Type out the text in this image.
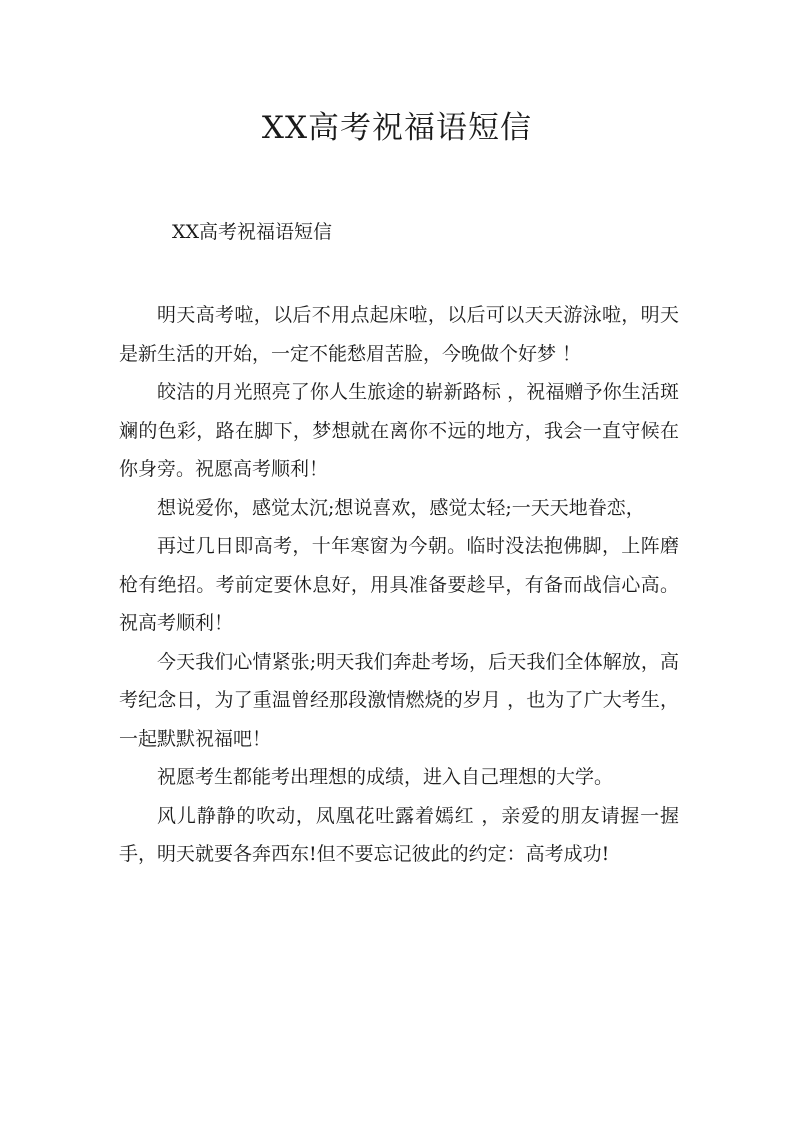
XX高考祝福语短信

XX高考祝福语短信

明天高考啦，以后不用点起床啦，以后可以天天游泳啦，明天是新生活的开始，一定不能愁眉苦脸，今晚做个好梦 ！

皎洁的月光照亮了你人生旅途的崭新路标 ，祝福赠予你生活斑斓的色彩，路在脚下，梦想就在离你不远的地方，我会一直守候在你身旁。祝愿高考顺利！

想说爱你，感觉太沉;想说喜欢，感觉太轻;一天天地眷恋，

再过几日即高考，十年寒窗为今朝。临时没法抱佛脚，上阵磨枪有绝招。考前定要休息好，用具准备要趁早，有备而战信心高。祝高考顺利！

今天我们心情紧张;明天我们奔赴考场，后天我们全体解放，高考纪念日，为了重温曾经那段激情燃烧的岁月 ，也为了广大考生，一起默默祝福吧！

祝愿考生都能考出理想的成绩，进入自己理想的大学。

风儿静静的吹动，凤凰花吐露着嫣红 ，亲爱的朋友请握一握手，明天就要各奔西东!但不要忘记彼此的约定：高考成功!
